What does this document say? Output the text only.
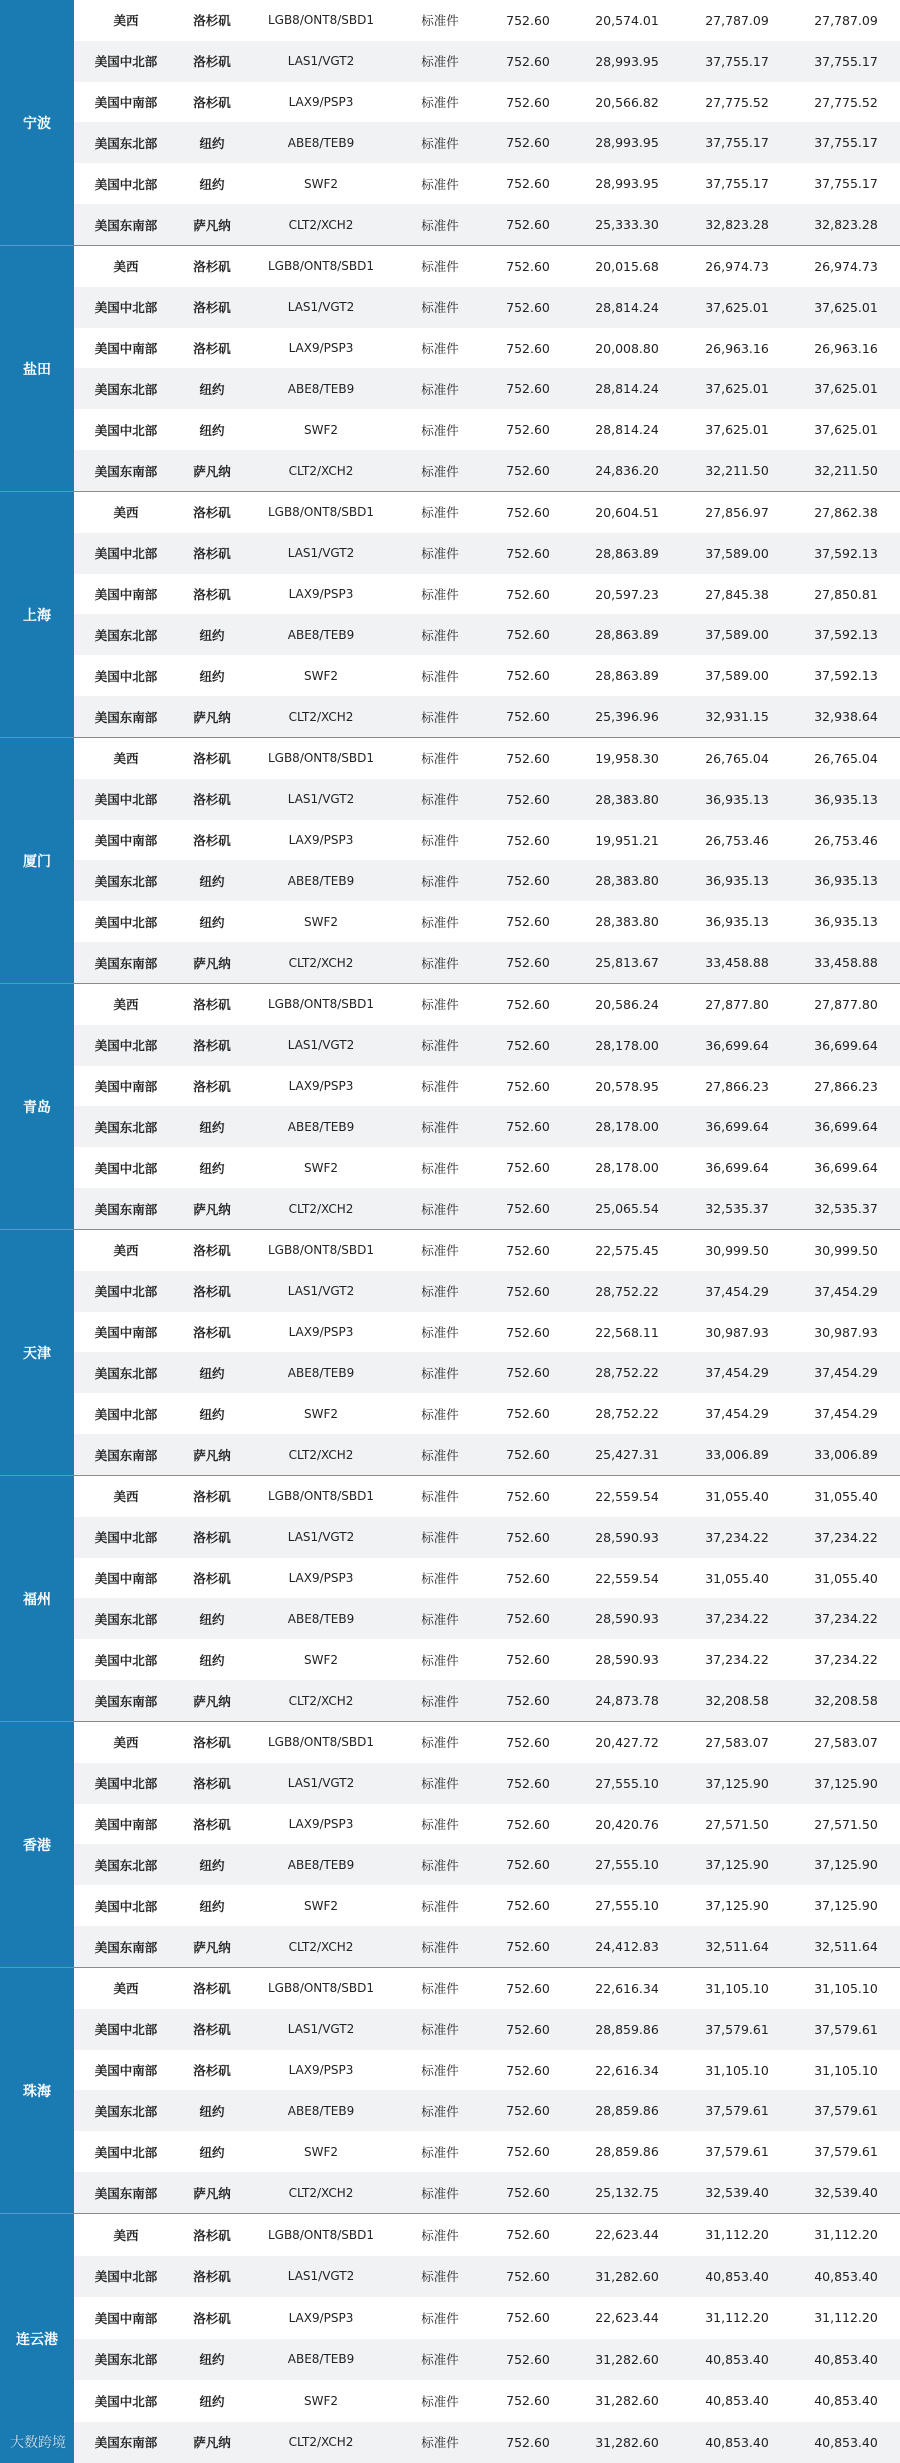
宁波
美西	洛杉矶	LGB8/ONT8/SBD1	标准件	752.60	20,574.01	27,787.09	27,787.09
美国中北部	洛杉矶	LAS1/VGT2	标准件	752.60	28,993.95	37,755.17	37,755.17
美国中南部	洛杉矶	LAX9/PSP3	标准件	752.60	20,566.82	27,775.52	27,775.52
美国东北部	纽约	ABE8/TEB9	标准件	752.60	28,993.95	37,755.17	37,755.17
美国中北部	纽约	SWF2	标准件	752.60	28,993.95	37,755.17	37,755.17
美国东南部	萨凡纳	CLT2/XCH2	标准件	752.60	25,333.30	32,823.28	32,823.28
盐田
美西	洛杉矶	LGB8/ONT8/SBD1	标准件	752.60	20,015.68	26,974.73	26,974.73
美国中北部	洛杉矶	LAS1/VGT2	标准件	752.60	28,814.24	37,625.01	37,625.01
美国中南部	洛杉矶	LAX9/PSP3	标准件	752.60	20,008.80	26,963.16	26,963.16
美国东北部	纽约	ABE8/TEB9	标准件	752.60	28,814.24	37,625.01	37,625.01
美国中北部	纽约	SWF2	标准件	752.60	28,814.24	37,625.01	37,625.01
美国东南部	萨凡纳	CLT2/XCH2	标准件	752.60	24,836.20	32,211.50	32,211.50
上海
美西	洛杉矶	LGB8/ONT8/SBD1	标准件	752.60	20,604.51	27,856.97	27,862.38
美国中北部	洛杉矶	LAS1/VGT2	标准件	752.60	28,863.89	37,589.00	37,592.13
美国中南部	洛杉矶	LAX9/PSP3	标准件	752.60	20,597.23	27,845.38	27,850.81
美国东北部	纽约	ABE8/TEB9	标准件	752.60	28,863.89	37,589.00	37,592.13
美国中北部	纽约	SWF2	标准件	752.60	28,863.89	37,589.00	37,592.13
美国东南部	萨凡纳	CLT2/XCH2	标准件	752.60	25,396.96	32,931.15	32,938.64
厦门
美西	洛杉矶	LGB8/ONT8/SBD1	标准件	752.60	19,958.30	26,765.04	26,765.04
美国中北部	洛杉矶	LAS1/VGT2	标准件	752.60	28,383.80	36,935.13	36,935.13
美国中南部	洛杉矶	LAX9/PSP3	标准件	752.60	19,951.21	26,753.46	26,753.46
美国东北部	纽约	ABE8/TEB9	标准件	752.60	28,383.80	36,935.13	36,935.13
美国中北部	纽约	SWF2	标准件	752.60	28,383.80	36,935.13	36,935.13
美国东南部	萨凡纳	CLT2/XCH2	标准件	752.60	25,813.67	33,458.88	33,458.88
青岛
美西	洛杉矶	LGB8/ONT8/SBD1	标准件	752.60	20,586.24	27,877.80	27,877.80
美国中北部	洛杉矶	LAS1/VGT2	标准件	752.60	28,178.00	36,699.64	36,699.64
美国中南部	洛杉矶	LAX9/PSP3	标准件	752.60	20,578.95	27,866.23	27,866.23
美国东北部	纽约	ABE8/TEB9	标准件	752.60	28,178.00	36,699.64	36,699.64
美国中北部	纽约	SWF2	标准件	752.60	28,178.00	36,699.64	36,699.64
美国东南部	萨凡纳	CLT2/XCH2	标准件	752.60	25,065.54	32,535.37	32,535.37
天津
美西	洛杉矶	LGB8/ONT8/SBD1	标准件	752.60	22,575.45	30,999.50	30,999.50
美国中北部	洛杉矶	LAS1/VGT2	标准件	752.60	28,752.22	37,454.29	37,454.29
美国中南部	洛杉矶	LAX9/PSP3	标准件	752.60	22,568.11	30,987.93	30,987.93
美国东北部	纽约	ABE8/TEB9	标准件	752.60	28,752.22	37,454.29	37,454.29
美国中北部	纽约	SWF2	标准件	752.60	28,752.22	37,454.29	37,454.29
美国东南部	萨凡纳	CLT2/XCH2	标准件	752.60	25,427.31	33,006.89	33,006.89
福州
美西	洛杉矶	LGB8/ONT8/SBD1	标准件	752.60	22,559.54	31,055.40	31,055.40
美国中北部	洛杉矶	LAS1/VGT2	标准件	752.60	28,590.93	37,234.22	37,234.22
美国中南部	洛杉矶	LAX9/PSP3	标准件	752.60	22,559.54	31,055.40	31,055.40
美国东北部	纽约	ABE8/TEB9	标准件	752.60	28,590.93	37,234.22	37,234.22
美国中北部	纽约	SWF2	标准件	752.60	28,590.93	37,234.22	37,234.22
美国东南部	萨凡纳	CLT2/XCH2	标准件	752.60	24,873.78	32,208.58	32,208.58
香港
美西	洛杉矶	LGB8/ONT8/SBD1	标准件	752.60	20,427.72	27,583.07	27,583.07
美国中北部	洛杉矶	LAS1/VGT2	标准件	752.60	27,555.10	37,125.90	37,125.90
美国中南部	洛杉矶	LAX9/PSP3	标准件	752.60	20,420.76	27,571.50	27,571.50
美国东北部	纽约	ABE8/TEB9	标准件	752.60	27,555.10	37,125.90	37,125.90
美国中北部	纽约	SWF2	标准件	752.60	27,555.10	37,125.90	37,125.90
美国东南部	萨凡纳	CLT2/XCH2	标准件	752.60	24,412.83	32,511.64	32,511.64
珠海
美西	洛杉矶	LGB8/ONT8/SBD1	标准件	752.60	22,616.34	31,105.10	31,105.10
美国中北部	洛杉矶	LAS1/VGT2	标准件	752.60	28,859.86	37,579.61	37,579.61
美国中南部	洛杉矶	LAX9/PSP3	标准件	752.60	22,616.34	31,105.10	31,105.10
美国东北部	纽约	ABE8/TEB9	标准件	752.60	28,859.86	37,579.61	37,579.61
美国中北部	纽约	SWF2	标准件	752.60	28,859.86	37,579.61	37,579.61
美国东南部	萨凡纳	CLT2/XCH2	标准件	752.60	25,132.75	32,539.40	32,539.40
连云港
美西	洛杉矶	LGB8/ONT8/SBD1	标准件	752.60	22,623.44	31,112.20	31,112.20
美国中北部	洛杉矶	LAS1/VGT2	标准件	752.60	31,282.60	40,853.40	40,853.40
美国中南部	洛杉矶	LAX9/PSP3	标准件	752.60	22,623.44	31,112.20	31,112.20
美国东北部	纽约	ABE8/TEB9	标准件	752.60	31,282.60	40,853.40	40,853.40
美国中北部	纽约	SWF2	标准件	752.60	31,282.60	40,853.40	40,853.40
美国东南部	萨凡纳	CLT2/XCH2	标准件	752.60	31,282.60	40,853.40	40,853.40
大数跨境
